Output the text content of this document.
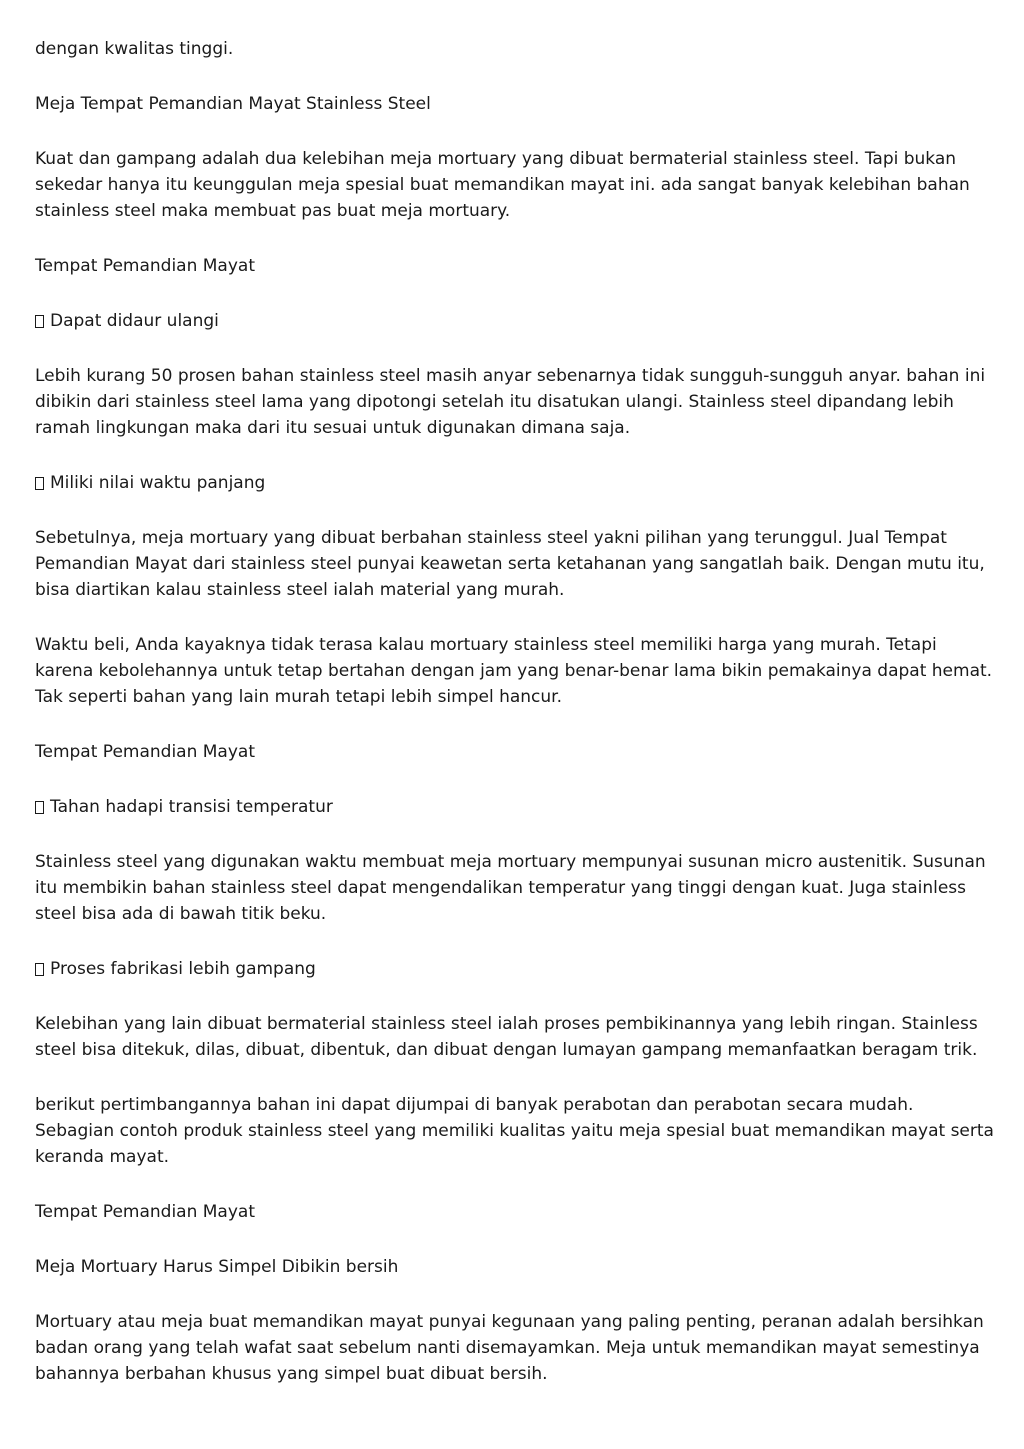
dengan kwalitas tinggi.

Meja Tempat Pemandian Mayat Stainless Steel

Kuat dan gampang adalah dua kelebihan meja mortuary yang dibuat bermaterial stainless steel. Tapi bukan sekedar hanya itu keunggulan meja spesial buat memandikan mayat ini. ada sangat banyak kelebihan bahan stainless steel maka membuat pas buat meja mortuary.

Tempat Pemandian Mayat

Dapat didaur ulangi

Lebih kurang 50 prosen bahan stainless steel masih anyar sebenarnya tidak sungguh-sungguh anyar. bahan ini dibikin dari stainless steel lama yang dipotongi setelah itu disatukan ulangi. Stainless steel dipandang lebih ramah lingkungan maka dari itu sesuai untuk digunakan dimana saja.

Miliki nilai waktu panjang

Sebetulnya, meja mortuary yang dibuat berbahan stainless steel yakni pilihan yang terunggul. Jual Tempat Pemandian Mayat dari stainless steel punyai keawetan serta ketahanan yang sangatlah baik. Dengan mutu itu, bisa diartikan kalau stainless steel ialah material yang murah.

Waktu beli, Anda kayaknya tidak terasa kalau mortuary stainless steel memiliki harga yang murah. Tetapi karena kebolehannya untuk tetap bertahan dengan jam yang benar-benar lama bikin pemakainya dapat hemat. Tak seperti bahan yang lain murah tetapi lebih simpel hancur.

Tempat Pemandian Mayat

Tahan hadapi transisi temperatur

Stainless steel yang digunakan waktu membuat meja mortuary mempunyai susunan micro austenitik. Susunan itu membikin bahan stainless steel dapat mengendalikan temperatur yang tinggi dengan kuat. Juga stainless steel bisa ada di bawah titik beku.

Proses fabrikasi lebih gampang

Kelebihan yang lain dibuat bermaterial stainless steel ialah proses pembikinannya yang lebih ringan. Stainless steel bisa ditekuk, dilas, dibuat, dibentuk, dan dibuat dengan lumayan gampang memanfaatkan beragam trik.

berikut pertimbangannya bahan ini dapat dijumpai di banyak perabotan dan perabotan secara mudah. Sebagian contoh produk stainless steel yang memiliki kualitas yaitu meja spesial buat memandikan mayat serta keranda mayat.

Tempat Pemandian Mayat

Meja Mortuary Harus Simpel Dibikin bersih

Mortuary atau meja buat memandikan mayat punyai kegunaan yang paling penting, peranan adalah bersihkan badan orang yang telah wafat saat sebelum nanti disemayamkan. Meja untuk memandikan mayat semestinya bahannya berbahan khusus yang simpel buat dibuat bersih.
